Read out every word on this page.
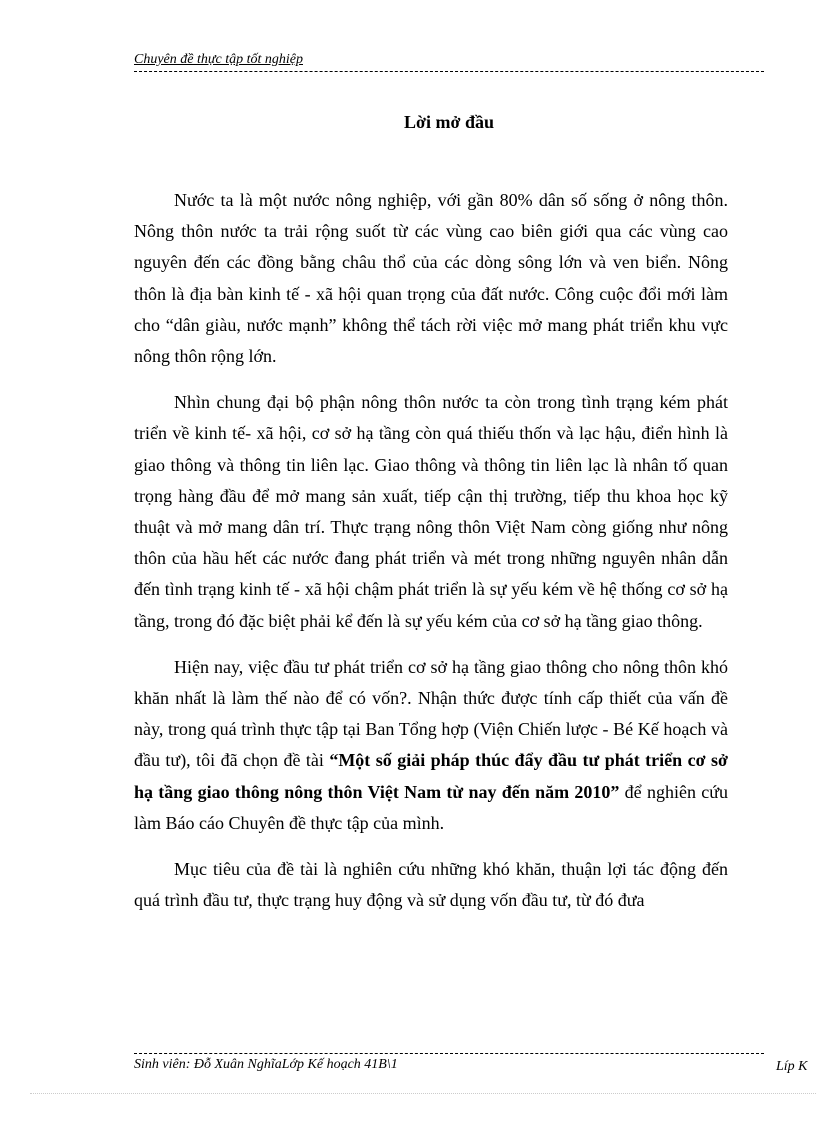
Chuyên đề thực tập tốt nghiệp
Lời mở đầu

Nước ta là một nước nông nghiệp, với gần 80% dân số sống ở nông thôn. Nông thôn nước ta trải rộng suốt từ các vùng cao biên giới qua các vùng cao nguyên đến các đồng bằng châu thổ của các dòng sông lớn và ven biển. Nông thôn là địa bàn kinh tế - xã hội quan trọng của đất nước. Công cuộc đổi mới làm cho “dân giàu, nước mạnh” không thể tách rời việc mở mang phát triển khu vực nông thôn rộng lớn.

Nhìn chung đại bộ phận nông thôn nước ta còn trong tình trạng kém phát triển về kinh tế- xã hội, cơ sở hạ tầng còn quá thiếu thốn và lạc hậu, điển hình là giao thông và thông tin liên lạc. Giao thông và thông tin liên lạc là nhân tố quan trọng hàng đầu để mở mang sản xuất, tiếp cận thị trường, tiếp thu khoa học kỹ thuật và mở mang dân trí. Thực trạng nông thôn Việt Nam còng giống như nông thôn của hầu hết các nước đang phát triển và mét trong những nguyên nhân dẫn đến tình trạng kinh tế - xã hội chậm phát triển là sự yếu kém về hệ thống cơ sở hạ tầng, trong đó đặc biệt phải kể đến là sự yếu kém của cơ sở hạ tầng giao thông.

Hiện nay, việc đầu tư phát triển cơ sở hạ tầng giao thông cho nông thôn khó khăn nhất là làm thế nào để có vốn?. Nhận thức được tính cấp thiết của vấn đề này, trong quá trình thực tập tại Ban Tổng hợp (Viện Chiến lược - Bé Kế hoạch và đầu tư), tôi đã chọn đề tài “Một số giải pháp thúc đẩy đầu tư phát triển cơ sở hạ tầng giao thông nông thôn Việt Nam từ nay đến năm 2010” để nghiên cứu làm Báo cáo Chuyên đề thực tập của mình.

Mục tiêu của đề tài là nghiên cứu những khó khăn, thuận lợi tác động đến quá trình đầu tư, thực trạng huy động và sử dụng vốn đầu tư, từ đó đưa

Sinh viên: Đỗ Xuân NghĩaLớp Kế hoạch 41B\1	Líp K
